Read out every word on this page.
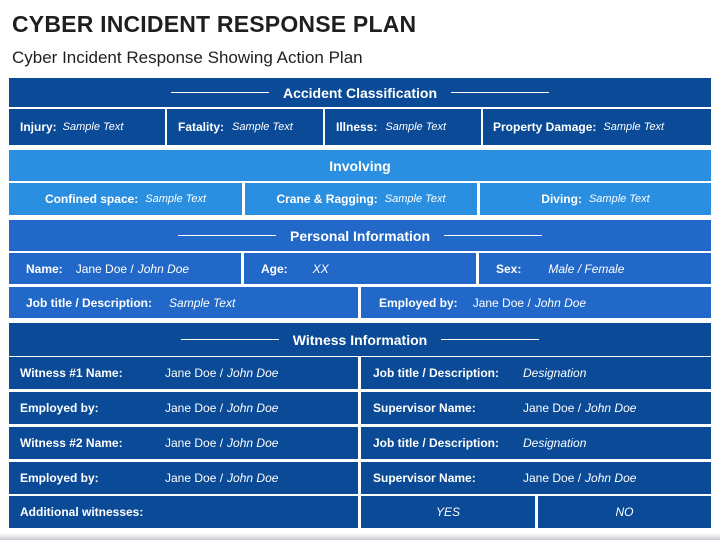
CYBER INCIDENT RESPONSE PLAN
Cyber Incident Response Showing Action Plan
Accident Classification
Injury: Sample Text	Fatality: Sample Text	Illness: Sample Text	Property Damage: Sample Text
Involving
Confined space: Sample Text	Crane & Ragging: Sample Text	Diving: Sample Text
Personal Information
Name: Jane Doe / John Doe	Age: XX	Sex: Male / Female
Job title / Description: Sample Text	Employed by: Jane Doe / John Doe
Witness Information
Witness #1 Name:	Jane Doe / John Doe	Job title / Description:	Designation
Employed by:	Jane Doe / John Doe	Supervisor Name:	Jane Doe / John Doe
Witness #2 Name:	Jane Doe / John Doe	Job title / Description:	Designation
Employed by:	Jane Doe / John Doe	Supervisor Name:	Jane Doe / John Doe
Additional witnesses:	YES	NO
